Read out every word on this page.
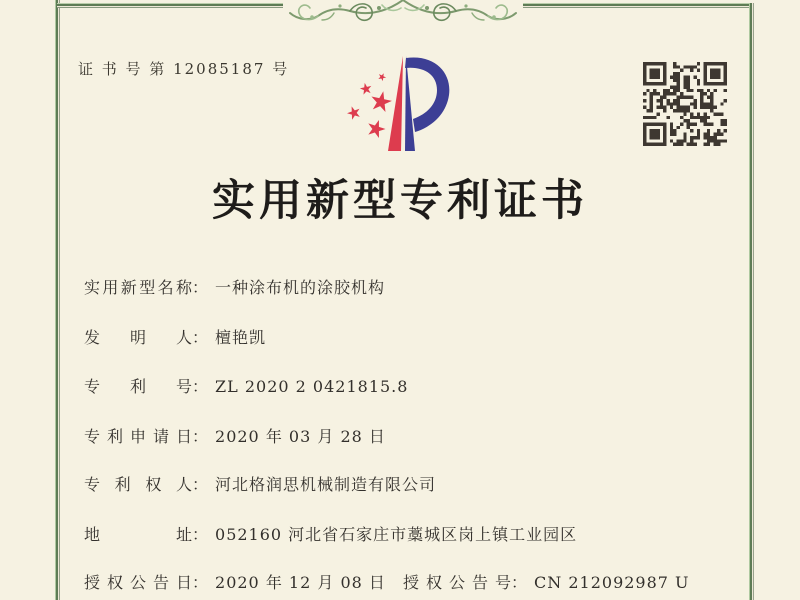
证 书 号 第 12085187 号
实用新型专利证书
实用新型名称： 一种涂布机的涂胶机构
发明人： 檀艳凯
专利号： ZL 2020 2 0421815.8
专利申请日： 2020 年 03 月 28 日
专利权人： 河北格润思机械制造有限公司
地址： 052160 河北省石家庄市藁城区岗上镇工业园区
授权公告日： 2020 年 12 月 08 日 授权公告号： CN 212092987 U
